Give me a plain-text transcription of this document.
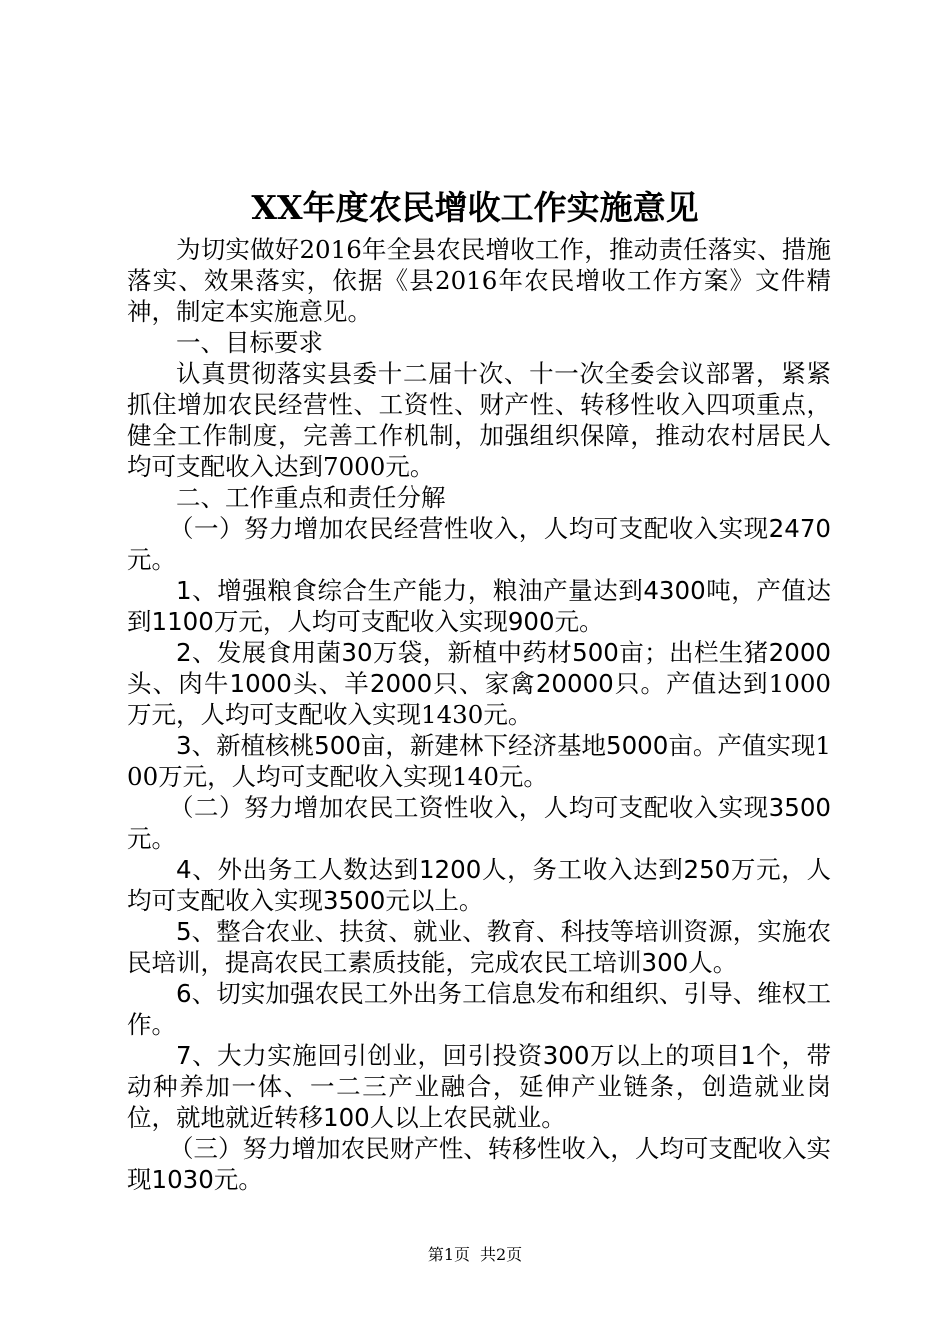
XX年度农民增收工作实施意见

为切实做好2016年全县农民增收工作，推动责任落实、措施落实、效果落实，依据《县2016年农民增收工作方案》文件精神，制定本实施意见。

一、目标要求

认真贯彻落实县委十二届十次、十一次全委会议部署，紧紧抓住增加农民经营性、工资性、财产性、转移性收入四项重点，健全工作制度，完善工作机制，加强组织保障，推动农村居民人均可支配收入达到7000元。

二、工作重点和责任分解

（一）努力增加农民经营性收入，人均可支配收入实现2470元。

1、增强粮食综合生产能力，粮油产量达到4300吨，产值达到1100万元，人均可支配收入实现900元。

2、发展食用菌30万袋，新植中药材500亩；出栏生猪2000头、肉牛1000头、羊2000只、家禽20000只。产值达到1000万元，人均可支配收入实现1430元。

3、新植核桃500亩，新建林下经济基地5000亩。产值实现100万元，人均可支配收入实现140元。

（二）努力增加农民工资性收入，人均可支配收入实现3500元。

4、外出务工人数达到1200人，务工收入达到250万元，人均可支配收入实现3500元以上。

5、整合农业、扶贫、就业、教育、科技等培训资源，实施农民培训，提高农民工素质技能，完成农民工培训300人。

6、切实加强农民工外出务工信息发布和组织、引导、维权工作。

7、大力实施回引创业，回引投资300万以上的项目1个，带动种养加一体、一二三产业融合，延伸产业链条，创造就业岗位，就地就近转移100人以上农民就业。

（三）努力增加农民财产性、转移性收入，人均可支配收入实现1030元。

第1页 共2页
